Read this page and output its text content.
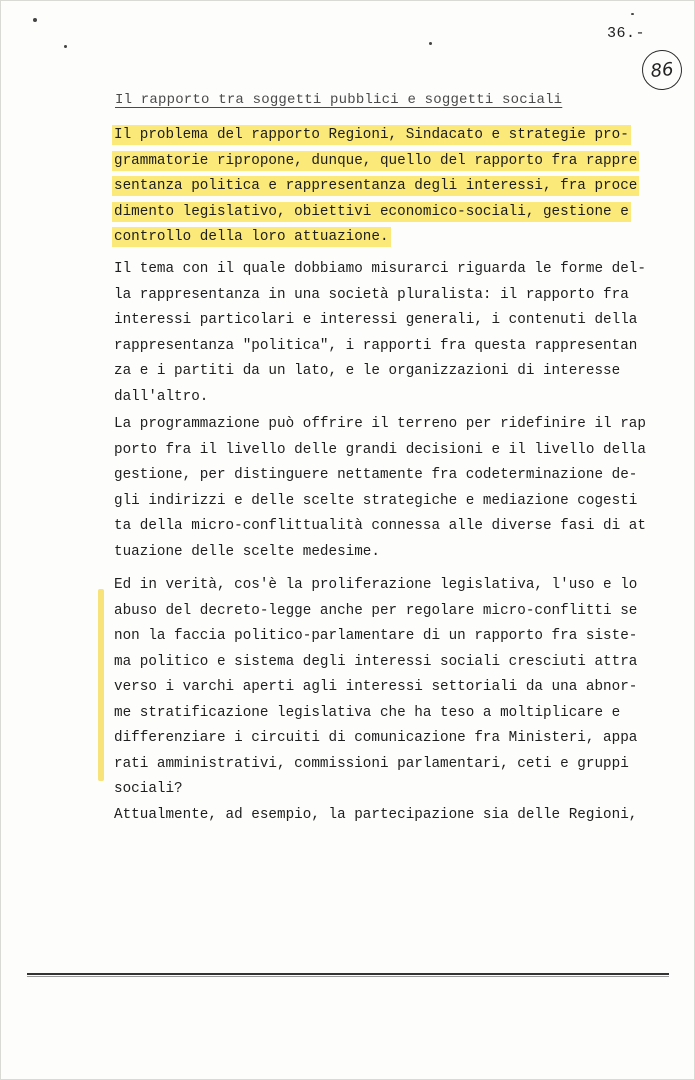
36.-
86
Il rapporto tra soggetti pubblici e soggetti sociali
Il problema del rapporto Regioni, Sindacato e strategie pro-
grammatorie ripropone, dunque, quello del rapporto fra rappre
sentanza politica e rappresentanza degli interessi, fra proce
dimento legislativo, obiettivi economico-sociali, gestione e
controllo della loro attuazione.
Il tema con il quale dobbiamo misurarci riguarda le forme del-
la rappresentanza in una società pluralista: il rapporto fra
interessi particolari e interessi generali, i contenuti della
rappresentanza "politica", i rapporti fra questa rappresentan
za e i partiti da un lato, e le organizzazioni di interesse
dall'altro.
La programmazione può offrire il terreno per ridefinire il rap
porto fra il livello delle grandi decisioni e il livello della
gestione, per distinguere nettamente fra codeterminazione de-
gli indirizzi e delle scelte strategiche e mediazione cogesti
ta della micro-conflittualità connessa alle diverse fasi di at
tuazione delle scelte medesime.
Ed in verità, cos'è la proliferazione legislativa, l'uso e lo
abuso del decreto-legge anche per regolare micro-conflitti se
non la faccia politico-parlamentare di un rapporto fra siste-
ma politico e sistema degli interessi sociali cresciuti attra
verso i varchi aperti agli interessi settoriali da una abnor-
me stratificazione legislativa che ha teso a moltiplicare e
differenziare i circuiti di comunicazione fra Ministeri, appa
rati amministrativi, commissioni parlamentari, ceti e gruppi
sociali?
Attualmente, ad esempio, la partecipazione sia delle Regioni,
